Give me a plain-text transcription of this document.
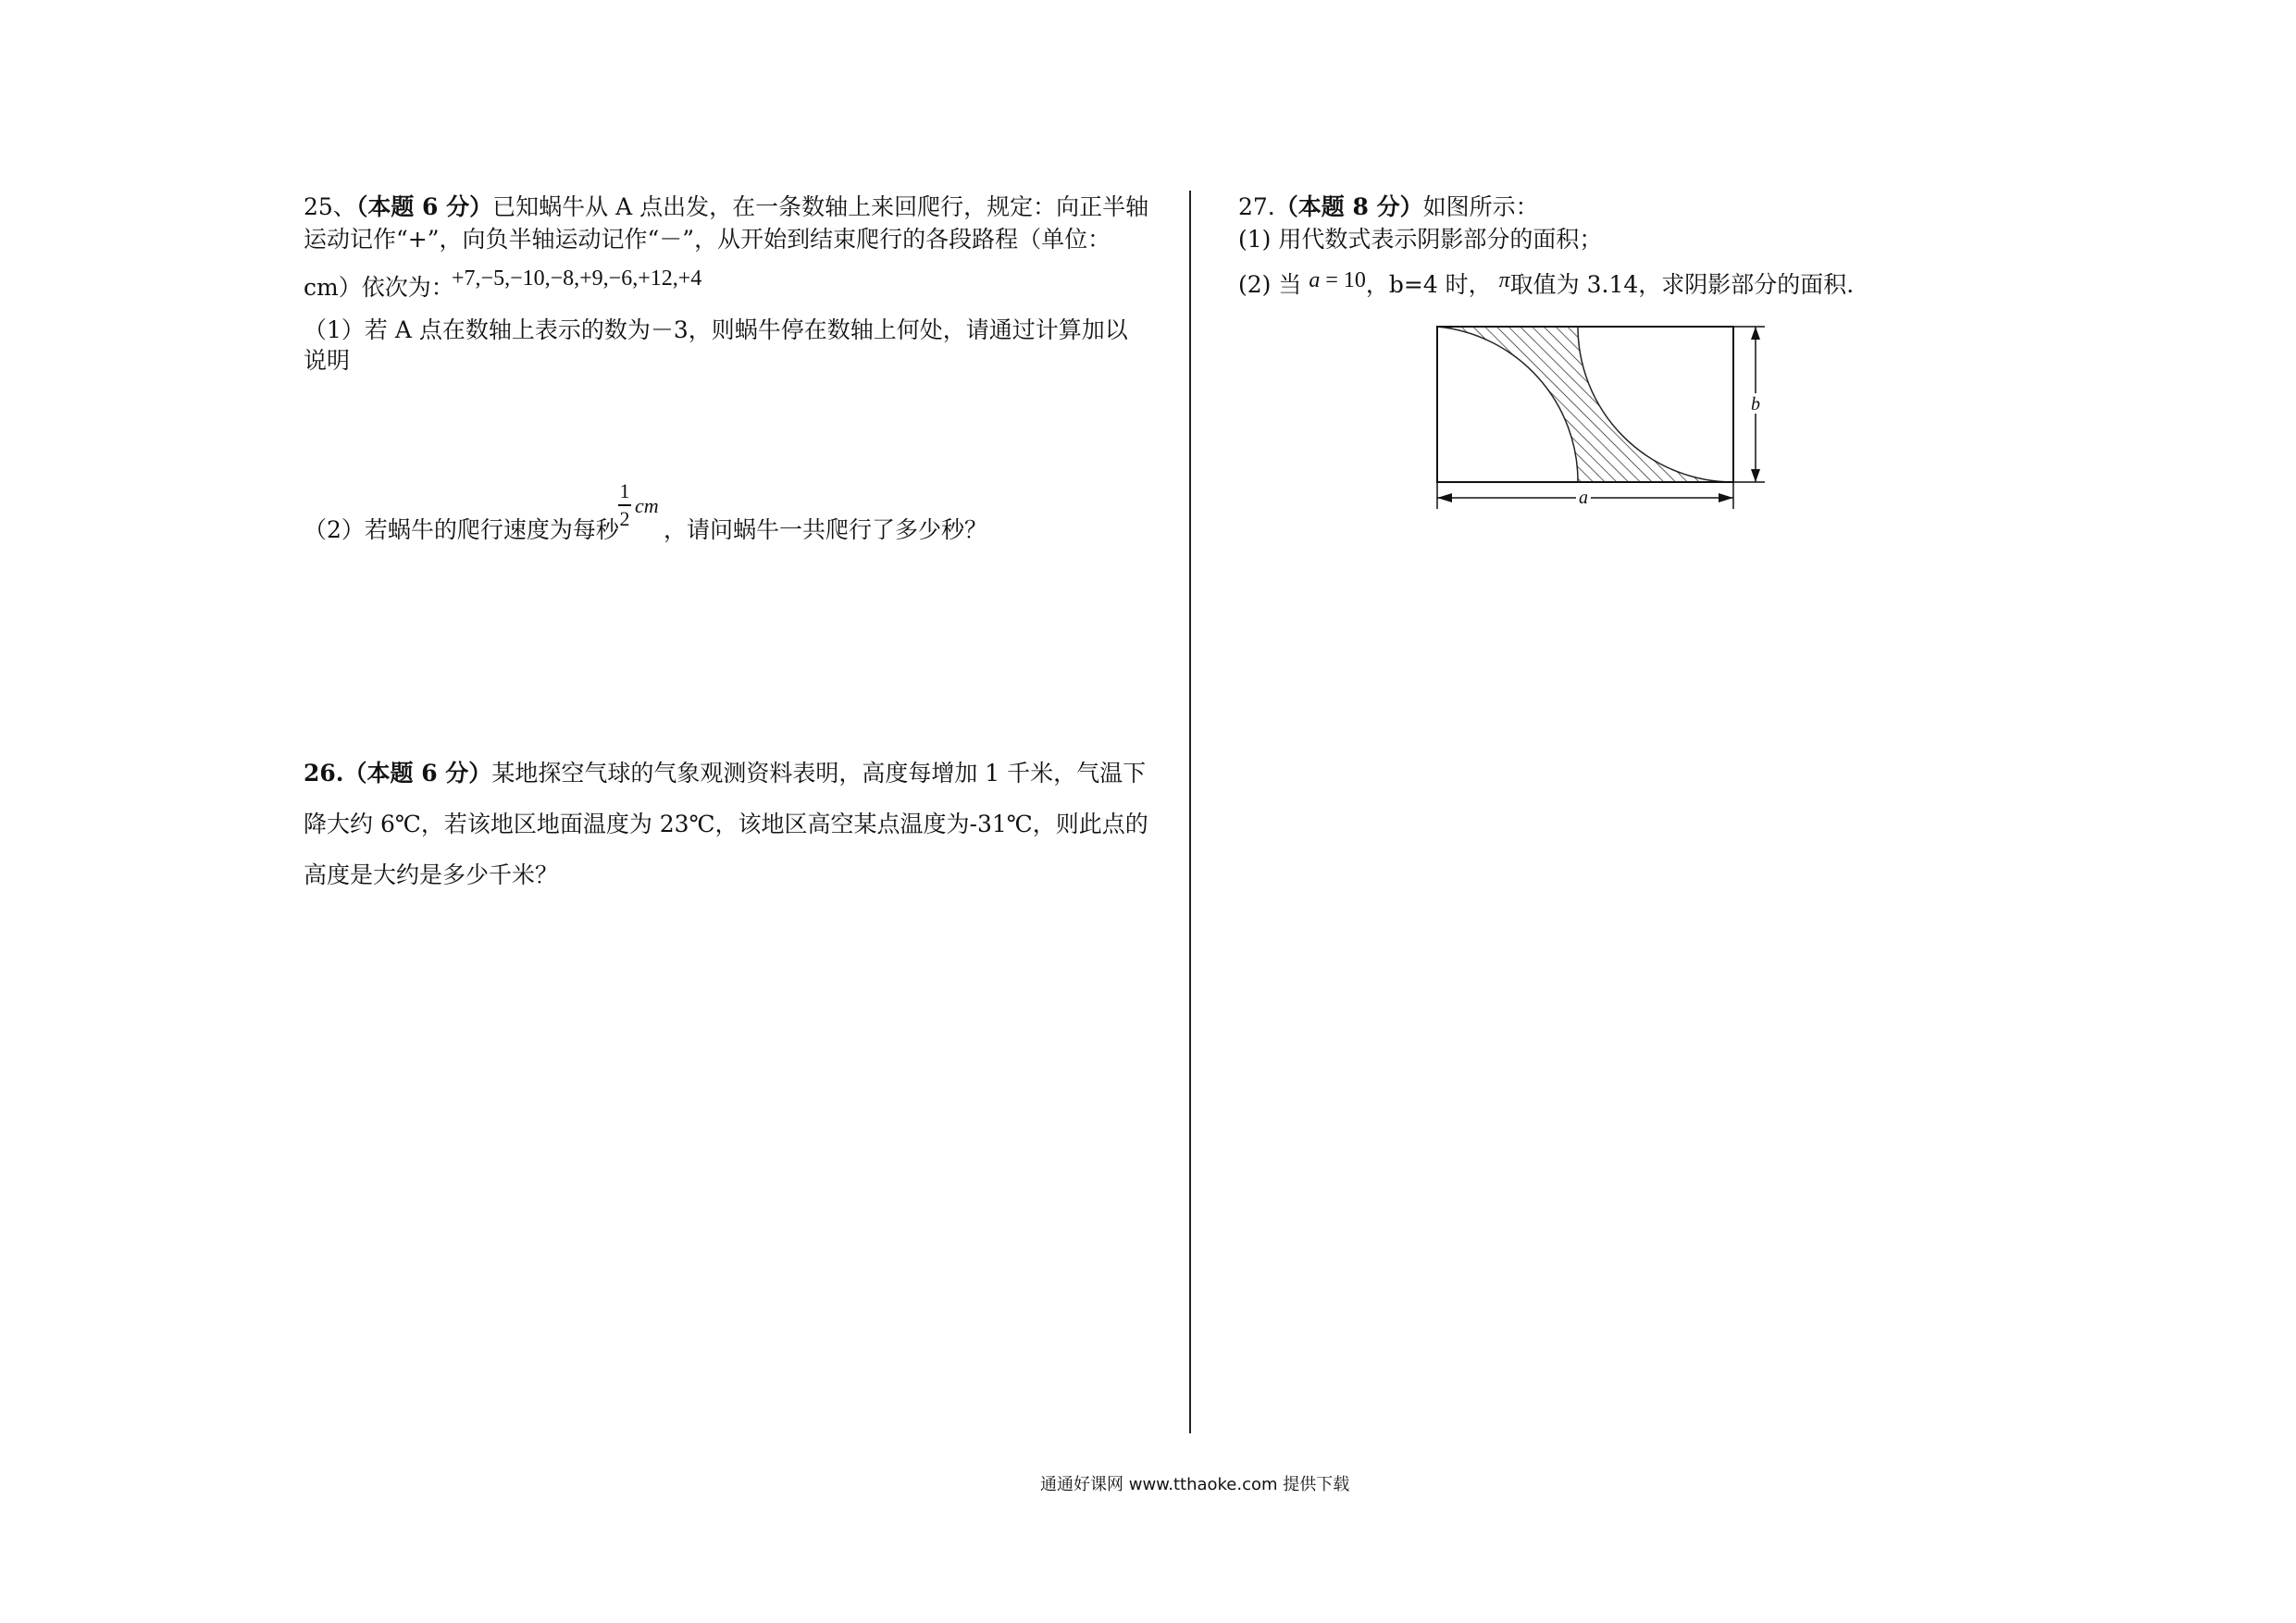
25、（本题 6 分）已知蜗牛从 A 点出发，在一条数轴上来回爬行，规定：向正半轴
运动记作“+”，向负半轴运动记作“－”，从开始到结束爬行的各段路程（单位：
cm）依次为：
+7,−5,−10,−8,+9,−6,+12,+4
（1）若 A 点在数轴上表示的数为－3，则蜗牛停在数轴上何处，请通过计算加以
说明
（2）若蜗牛的爬行速度为每秒
1
2
cm
，请问蜗牛一共爬行了多少秒？
26.（本题 6 分）某地探空气球的气象观测资料表明，高度每增加 1 千米，气温下
降大约 6℃，若该地区地面温度为 23℃，该地区高空某点温度为-31℃，则此点的
高度是大约是多少千米？
27.（本题 8 分）如图所示：
(1) 用代数式表示阴影部分的面积；
(2) 当 a = 10，b=4 时， π取值为 3.14，求阴影部分的面积.
b
a
通通好课网 www.tthaoke.com 提供下载
